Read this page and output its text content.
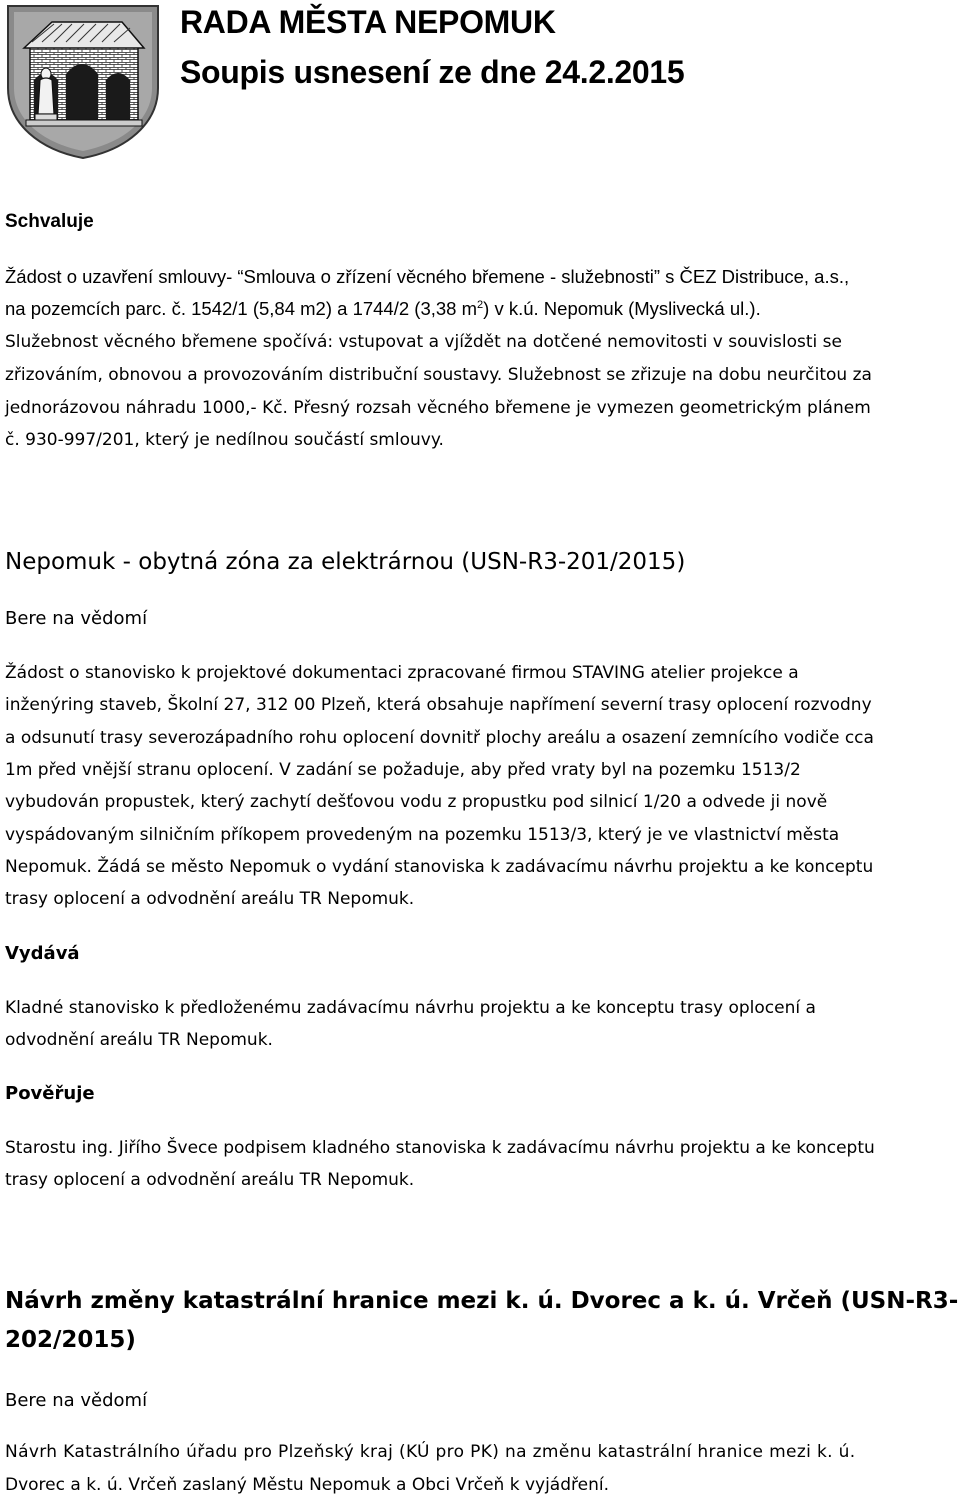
RADA MĚSTA NEPOMUK
Soupis usnesení ze dne 24.2.2015
Schvaluje
Žádost o uzavření smlouvy- “Smlouva o zřízení věcného břemene - služebnosti” s ČEZ Distribuce, a.s.,
na pozemcích parc. č. 1542/1 (5,84 m2) a 1744/2 (3,38 $m^2$) v k.ú. Nepomuk (Myslivecká ul.).
Služebnost věcného břemene spočívá: vstupovat a vjíždět na dotčené nemovitosti v souvislosti se
zřizováním, obnovou a provozováním distribuční soustavy. Služebnost se zřizuje na dobu neurčitou za
jednorázovou náhradu 1000,- Kč. Přesný rozsah věcného břemene je vymezen geometrickým plánem
č. 930-997/201, který je nedílnou součástí smlouvy.
Nepomuk - obytná zóna za elektrárnou (USN-R3-201/2015)
Bere na vědomí
Žádost o stanovisko k projektové dokumentaci zpracované firmou STAVING atelier projekce a
inženýring staveb, Školní 27, 312 00 Plzeň, která obsahuje napřímení severní trasy oplocení rozvodny
a odsunutí trasy severozápadního rohu oplocení dovnitř plochy areálu a osazení zemnícího vodiče cca
1m před vnější stranu oplocení. V zadání se požaduje, aby před vraty byl na pozemku 1513/2
vybudován propustek, který zachytí dešťovou vodu z propustku pod silnicí 1/20 a odvede ji nově
vyspádovaným silničním příkopem provedeným na pozemku 1513/3, který je ve vlastnictví města
Nepomuk. Žádá se město Nepomuk o vydání stanoviska k zadávacímu návrhu projektu a ke konceptu
trasy oplocení a odvodnění areálu TR Nepomuk.
Vydává
Kladné stanovisko k předloženému zadávacímu návrhu projektu a ke konceptu trasy oplocení a
odvodnění areálu TR Nepomuk.
Pověřuje
Starostu ing. Jiřího Švece podpisem kladného stanoviska k zadávacímu návrhu projektu a ke konceptu
trasy oplocení a odvodnění areálu TR Nepomuk.
Návrh změny katastrální hranice mezi k. ú. Dvorec a k. ú. Vrčeň (USN-R3-
202/2015)
Bere na vědomí
Návrh Katastrálního úřadu pro Plzeňský kraj (KÚ pro PK) na změnu katastrální hranice mezi k. ú.
Dvorec a k. ú. Vrčeň zaslaný Městu Nepomuk a Obci Vrčeň k vyjádření.
